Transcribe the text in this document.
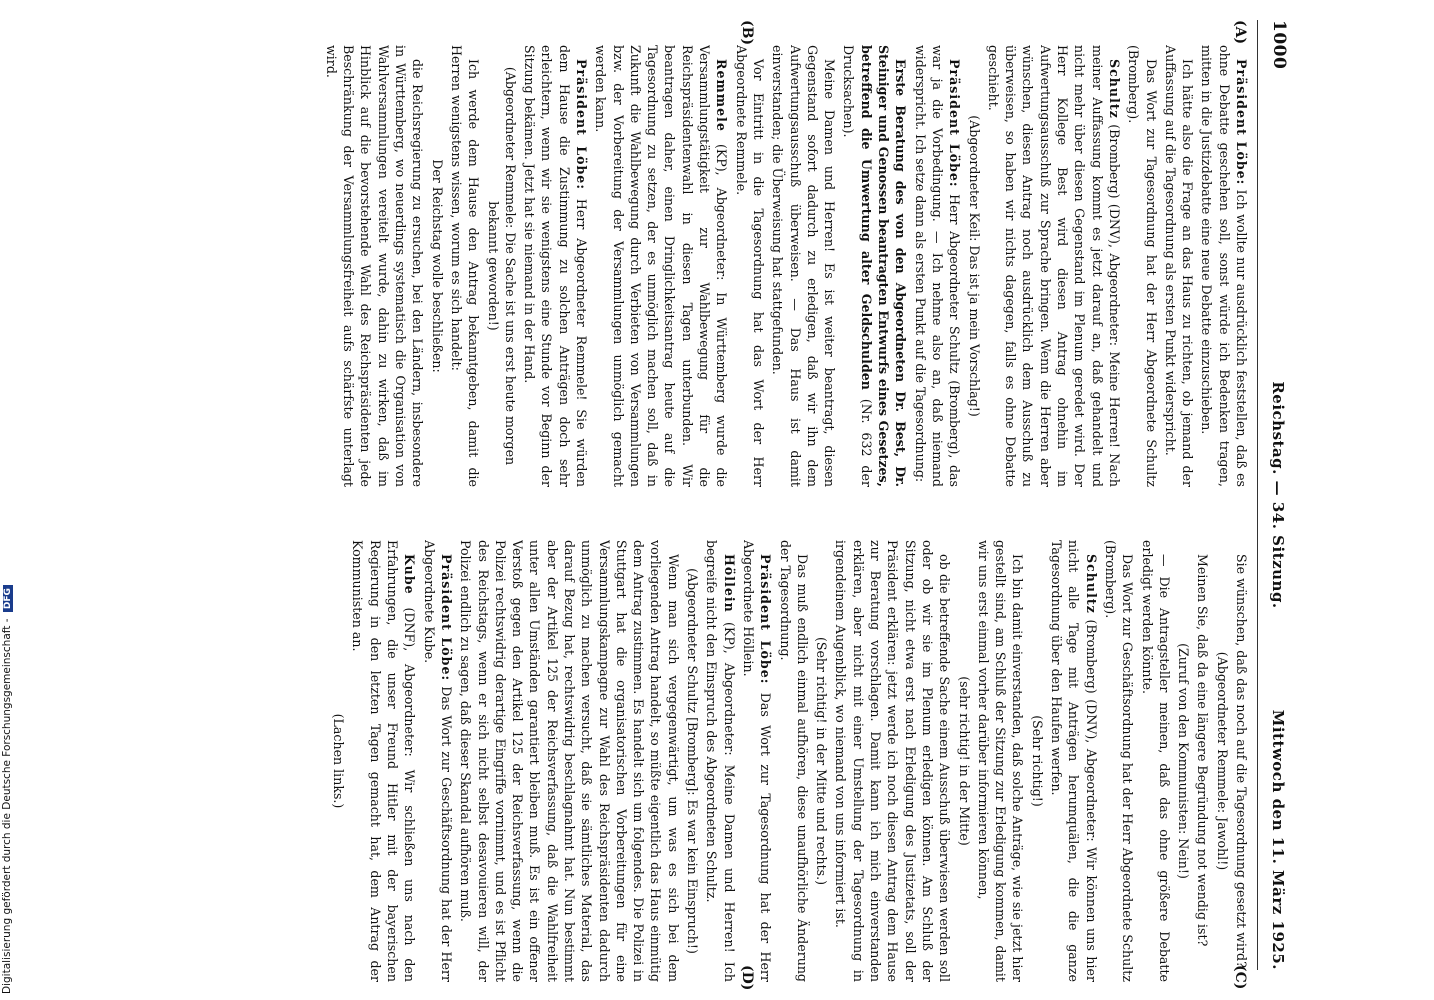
1000
Reichstag. — 34. Sitzung.
Mittwoch den 11. März 1925.
(A)
(B)
(C)
(D)

Präsident Löbe: Ich wollte nur ausdrücklich feststellen, daß es ohne Debatte geschehen soll, sonst würde ich Bedenken tragen, mitten in die Justizdebatte eine neue Debatte einzuschieben.

Ich hätte also die Frage an das Haus zu richten, ob jemand der Auffassung auf die Tagesordnung als ersten Punkt widerspricht.

Das Wort zur Tagesordnung hat der Herr Abgeordnete Schultz (Bromberg).

Schultz (Bromberg) (DNV), Abgeordneter: Meine Herren! Nach meiner Auffassung kommt es jetzt darauf an, daß gehandelt und nicht mehr über diesen Gegenstand im Plenum geredet wird. Der Herr Kollege Best wird diesen Antrag ohnehin im Aufwertungsausschuß zur Sprache bringen. Wenn die Herren aber wünschen, diesen Antrag noch ausdrücklich dem Ausschuß zu überweisen, so haben wir nichts dagegen, falls es ohne Debatte geschieht.

(Abgeordneter Keil: Das ist ja mein Vorschlag!)

Präsident Löbe: Herr Abgeordneter Schultz (Bromberg), das war ja die Vorbedingung. — Ich nehme also an, daß niemand widerspricht. Ich setze dann als ersten Punkt auf die Tagesordnung:

Erste Beratung des von den Abgeordneten Dr. Best, Dr. Steiniger und Genossen beantragten Entwurfs eines Gesetzes, betreffend die Umwertung alter Geldschulden (Nr. 632 der Drucksachen).

Meine Damen und Herren! Es ist weiter beantragt, diesen Gegenstand sofort dadurch zu erledigen, daß wir ihn dem Aufwertungsausschuß überweisen. — Das Haus ist damit einverstanden; die Überweisung hat stattgefunden.

Vor Eintritt in die Tagesordnung hat das Wort der Herr Abgeordnete Remmele.

Remmele (KP), Abgeordneter: In Württemberg wurde die Versammlungstätigkeit zur Wahlbewegung für die Reichspräsidentenwahl in diesen Tagen unterbunden. Wir beantragen daher, einen Dringlichkeitsantrag heute auf die Tagesordnung zu setzen, der es unmöglich machen soll, daß in Zukunft die Wahlbewegung durch Verbieten von Versammlungen bzw. der Vorbereitung der Versammlungen unmöglich gemacht werden kann.

Präsident Löbe: Herr Abgeordneter Remmele! Sie würden dem Hause die Zustimmung zu solchen Anträgen doch sehr erleichtern, wenn wir sie wenigstens eine Stunde vor Beginn der Sitzung bekämen. Jetzt hat sie niemand in der Hand.

(Abgeordneter Remmele: Die Sache ist uns erst heute morgen bekannt geworden!)

Ich werde dem Hause den Antrag bekanntgeben, damit die Herren wenigstens wissen, worum es sich handelt:

Der Reichstag wolle beschließen:

die Reichsregierung zu ersuchen, bei den Ländern, insbesondere in Württemberg, wo neuerdings systematisch die Organisation von Wahlversammlungen vereitelt wurde, dahin zu wirken, daß im Hinblick auf die bevorstehende Wahl des Reichspräsidenten jede Beschränkung der Versammlungsfreiheit aufs schärfste unterlagt wird.

Sie wünschen, daß das noch auf die Tagesordnung gesetzt wird?

(Abgeordneter Remmele: Jawohl!)

Meinen Sie, daß da eine längere Begründung not wendig ist?

(Zuruf von den Kommunisten: Nein!)

— Die Antragsteller meinen, daß das ohne größere Debatte erledigt werden könnte.

Das Wort zur Geschäftsordnung hat der Herr Abgeordnete Schultz (Bromberg).

Schultz (Bromberg) (DNV), Abgeordneter: Wir können uns hier nicht alle Tage mit Anträgen herumquälen, die die ganze Tagesordnung über den Haufen werfen.

(Sehr richtig!)

Ich bin damit einverstanden, daß solche Anträge, wie sie jetzt hier gestellt sind, am Schluß der Sitzung zur Erledigung kommen, damit wir uns erst einmal vorher darüber informieren können,

(sehr richtig! in der Mitte)

ob die betreffende Sache einem Ausschuß überwiesen werden soll oder ob wir sie im Plenum erledigen können. Am Schluß der Sitzung, nicht etwa erst nach Erledigung des Justizetats, soll der Präsident erklären: jetzt werde ich noch diesen Antrag dem Hause zur Beratung vorschlagen. Damit kann ich mich einverstanden erklären, aber nicht mit einer Umstellung der Tagesordnung in irgendeinem Augenblick, wo niemand von uns informiert ist.

(Sehr richtig! in der Mitte und rechts.)

Das muß endlich einmal aufhören, diese unaufhörliche Änderung der Tagesordnung.

Präsident Löbe: Das Wort zur Tagesordnung hat der Herr Abgeordnete Höllein.

Höllein (KP), Abgeordneter: Meine Damen und Herren! Ich begreife nicht den Einspruch des Abgeordneten Schultz.

(Abgeordneter Schultz [Bromberg]: Es war kein Einspruch!)

Wenn man sich vergegenwärtigt, um was es sich bei dem vorliegenden Antrag handelt, so müßte eigentlich das Haus einmütig dem Antrag zustimmen. Es handelt sich um folgendes. Die Polizei in Stuttgart hat die organisatorischen Vorbereitungen für eine Versammlungskampagne zur Wahl des Reichspräsidenten dadurch unmöglich zu machen versucht, daß sie sämtliches Material, das darauf Bezug hat, rechtswidrig beschlagnahmt hat. Nun bestimmt aber der Artikel 125 der Reichsverfassung, daß die Wahlfreiheit unter allen Umständen garantiert bleiben muß. Es ist ein offener Verstoß gegen den Artikel 125 der Reichsverfassung, wenn die Polizei rechtswidrig derartige Eingriffe vornimmt, und es ist Pflicht des Reichstags, wenn er sich nicht selbst desavouieren will, der Polizei endlich zu sagen, daß dieser Skandal aufhören muß.

Präsident Löbe: Das Wort zur Geschäftsordnung hat der Herr Abgeordnete Kube.

Kube (DNF), Abgeordneter: Wir schließen uns nach den Erfahrungen, die unser Freund Hitler mit der bayerischen Regierung in den letzten Tagen gemacht hat, dem Antrag der Kommunisten an.

(Lachen links.)

Digitalisierung gefördert durch die Deutsche Forschungsgemeinschaft - DFG
